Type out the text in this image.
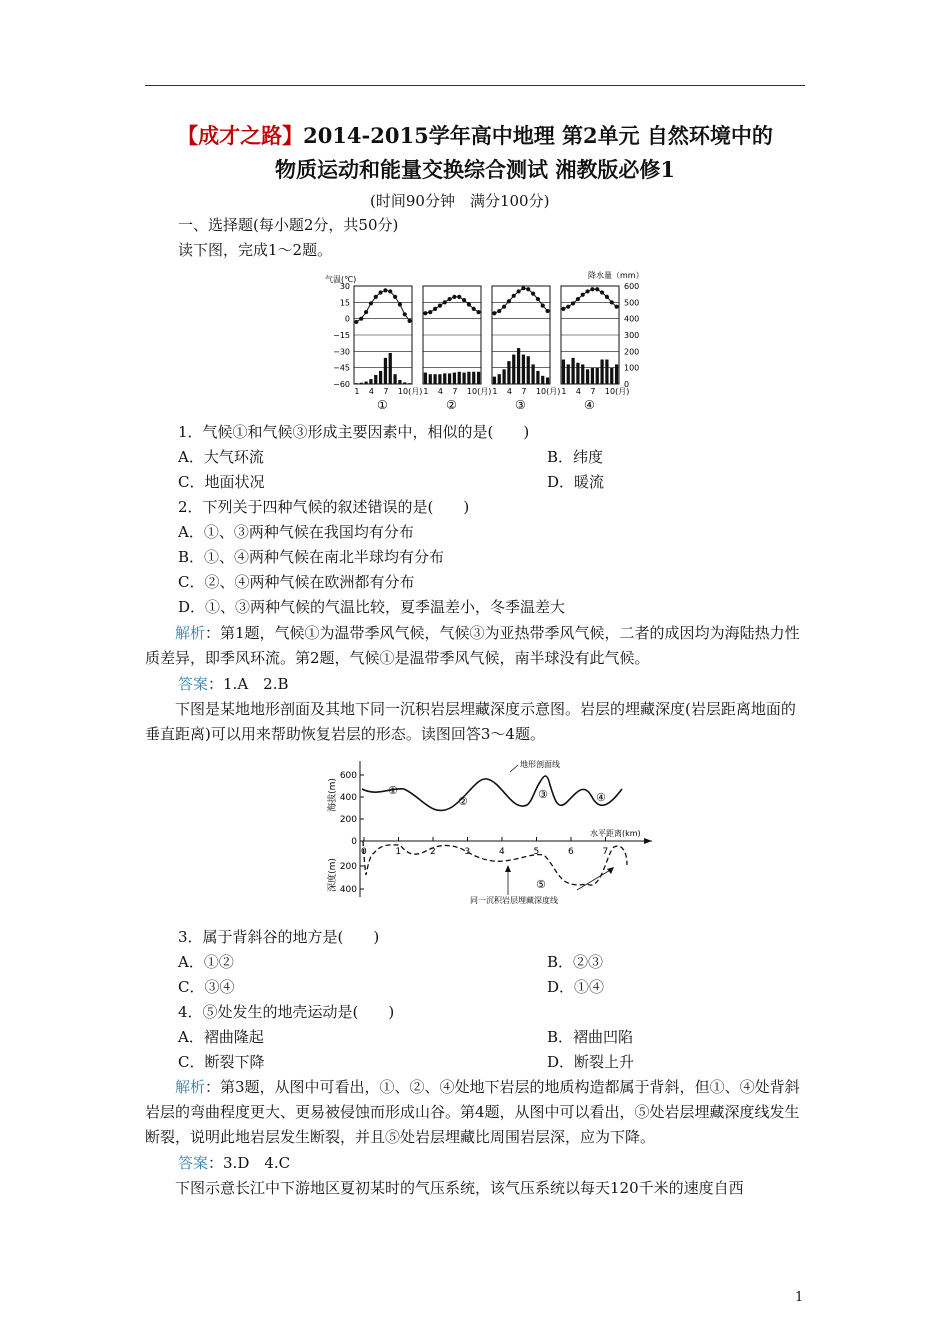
【成才之路】2014-2015学年高中地理 第2单元 自然环境中的
物质运动和能量交换综合测试 湘教版必修1
(时间90分钟　满分100分)
一、选择题(每小题2分，共50分)
读下图，完成1～2题。
气温(℃)	降水量（mm）
30
15
0
−15
−30
−45
−60
600
500
400
300
200
100
0
1 4 7 10(月)
①
1 4 7 10(月)
②
1 4 7 10(月)
③
1 4 7 10(月)
④
1．气候①和气候③形成主要因素中，相似的是(　　)
A．大气环流	B．纬度
C．地面状况	D．暖流
2．下列关于四种气候的叙述错误的是(　　)
A．①、③两种气候在我国均有分布
B．①、④两种气候在南北半球均有分布
C．②、④两种气候在欧洲都有分布
D．①、③两种气候的气温比较，夏季温差小，冬季温差大
解析：第1题，气候①为温带季风气候，气候③为亚热带季风气候，二者的成因均为海陆热力性质差异，即季风环流。第2题，气候①是温带季风气候，南半球没有此气候。
答案：1.A　2.B
下图是某地地形剖面及其地下同一沉积岩层埋藏深度示意图。岩层的埋藏深度(岩层距离地面的垂直距离)可以用来帮助恢复岩层的形态。读图回答3～4题。
600
400
200
0
200
400
0	1	2	3	4	5	6	7
海拔(m)
深度(m)
水平距离(km)
地形剖面线
同一沉积岩层埋藏深度线
①
②
③	④
⑤
3．属于背斜谷的地方是(　　)
A．①②	B．②③
C．③④	D．①④
4．⑤处发生的地壳运动是(　　)
A．褶曲隆起	B．褶曲凹陷
C．断裂下降	D．断裂上升
解析：第3题，从图中可看出，①、②、④处地下岩层的地质构造都属于背斜，但①、④处背斜岩层的弯曲程度更大、更易被侵蚀而形成山谷。第4题，从图中可以看出，⑤处岩层埋藏深度线发生断裂，说明此地岩层发生断裂，并且⑤处岩层埋藏比周围岩层深，应为下降。
答案：3.D　4.C
下图示意长江中下游地区夏初某时的气压系统，该气压系统以每天120千米的速度自西
1
